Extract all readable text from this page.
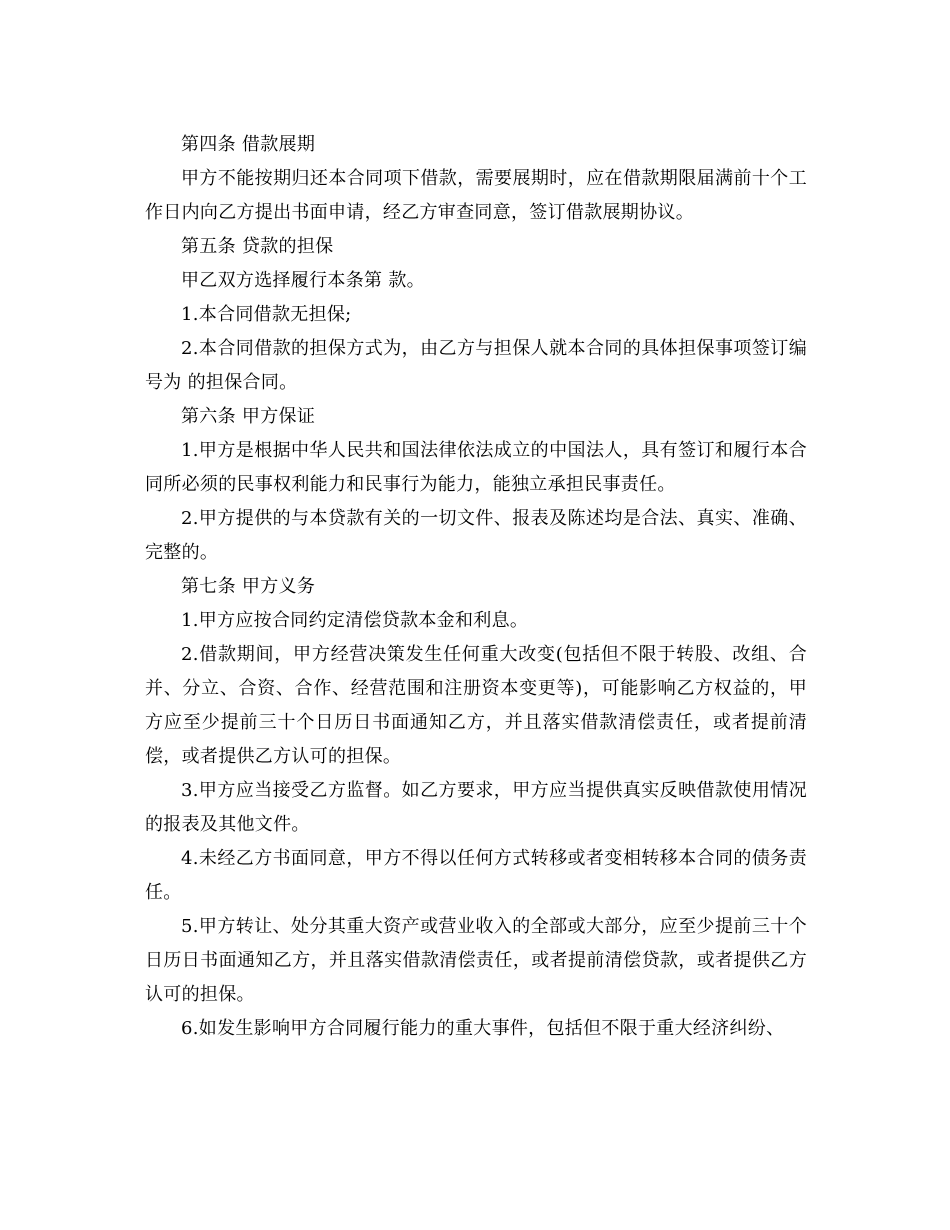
第四条 借款展期

甲方不能按期归还本合同项下借款，需要展期时，应在借款期限届满前十个工作日内向乙方提出书面申请，经乙方审查同意，签订借款展期协议。

第五条 贷款的担保

甲乙双方选择履行本条第 款。

1.本合同借款无担保;

2.本合同借款的担保方式为，由乙方与担保人就本合同的具体担保事项签订编号为 的担保合同。

第六条 甲方保证

1.甲方是根据中华人民共和国法律依法成立的中国法人，具有签订和履行本合同所必须的民事权利能力和民事行为能力，能独立承担民事责任。

2.甲方提供的与本贷款有关的一切文件、报表及陈述均是合法、真实、准确、完整的。

第七条 甲方义务

1.甲方应按合同约定清偿贷款本金和利息。

2.借款期间，甲方经营决策发生任何重大改变(包括但不限于转股、改组、合并、分立、合资、合作、经营范围和注册资本变更等)，可能影响乙方权益的，甲方应至少提前三十个日历日书面通知乙方，并且落实借款清偿责任，或者提前清偿，或者提供乙方认可的担保。

3.甲方应当接受乙方监督。如乙方要求，甲方应当提供真实反映借款使用情况的报表及其他文件。

4.未经乙方书面同意，甲方不得以任何方式转移或者变相转移本合同的债务责任。

5.甲方转让、处分其重大资产或营业收入的全部或大部分，应至少提前三十个日历日书面通知乙方，并且落实借款清偿责任，或者提前清偿贷款，或者提供乙方认可的担保。

6.如发生影响甲方合同履行能力的重大事件，包括但不限于重大经济纠纷、
